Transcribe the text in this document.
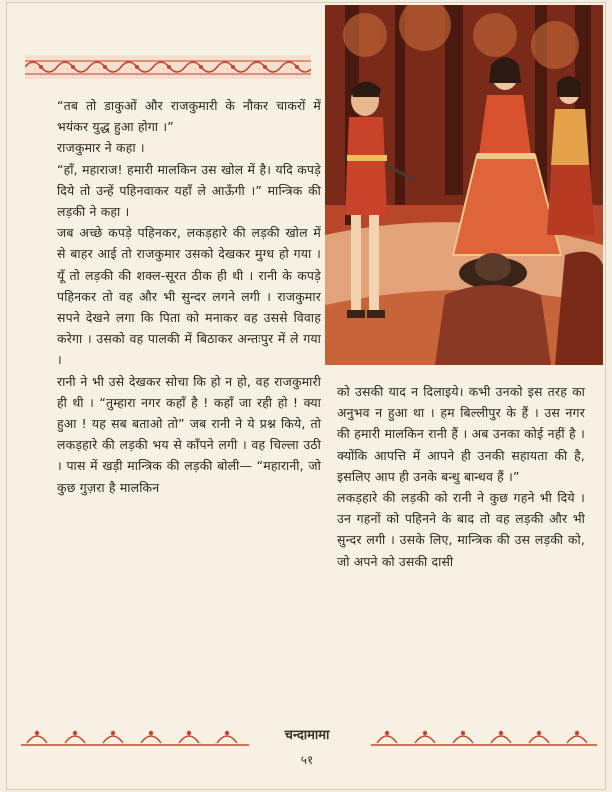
“तब तो डाकुओं और राजकुमारी के नौकर चाकरों में भयंकर युद्ध हुआ होगा ।”

राजकुमार ने कहा ।

“हाँ, महाराज! हमारी मालकिन उस खोल में है। यदि कपड़े दिये तो उन्हें पहिनवाकर यहाँ ले आऊँगी ।” मान्त्रिक की लड़की ने कहा ।

जब अच्छे कपड़े पहिनकर, लकड़हारे की लड़की खोल में से बाहर आई तो राजकुमार उसको देखकर मुग्ध हो गया । यूँ तो लड़की की शक्ल-सूरत ठीक ही थी । रानी के कपड़े पहिनकर तो वह और भी सुन्दर लगने लगी । राजकुमार सपने देखने लगा कि पिता को मनाकर वह उससे विवाह करेगा । उसको वह पालकी में बिठाकर अन्तःपुर में ले गया ।

रानी ने भी उसे देखकर सोचा कि हो न हो, वह राजकुमारी ही थी । “तुम्हारा नगर कहाँ है ! कहाँ जा रही हो ! क्या हुआ ! यह सब बताओ तो” जब रानी ने ये प्रश्न किये, तो लकड़हारे की लड़की भय से काँपने लगी । वह चिल्ला उठी । पास में खड़ी मान्त्रिक की लड़की बोली— “महारानी, जो कुछ गुज़रा है मालकिन

को उसकी याद न दिलाइये। कभी उनको इस तरह का अनुभव न हुआ था । हम बिल्लीपुर के हैं । उस नगर की हमारी मालकिन रानी हैं । अब उनका कोई नहीं है । क्योंकि आपत्ति में आपने ही उनकी सहायता की है, इसलिए आप ही उनके बन्धु बान्धव हैं ।”

लकड़हारे की लड़की को रानी ने कुछ गहने भी दिये । उन गहनों को पहिनने के बाद तो वह लड़की और भी सुन्दर लगी । उसके लिए, मान्त्रिक की उस लड़की को, जो अपने को उसकी दासी

चन्दामामा
५१
